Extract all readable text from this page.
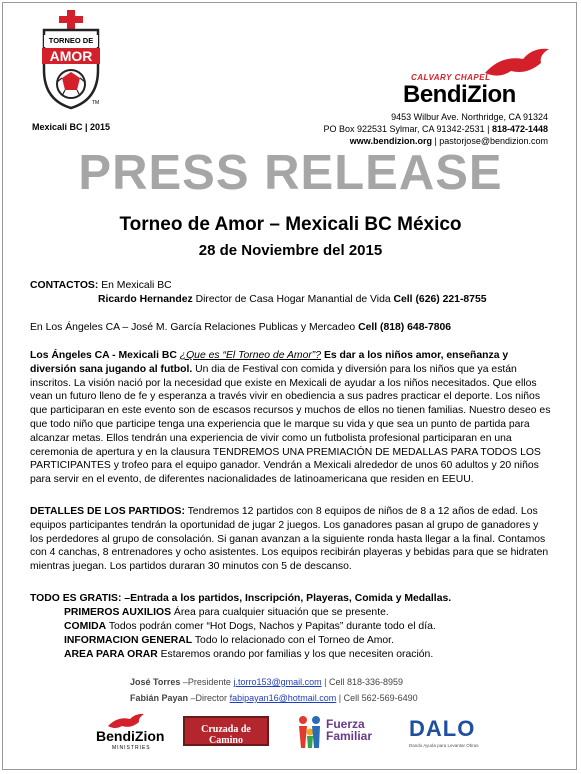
TORNEO DE
AMOR
TM
Mexicali BC | 2015
CALVARY CHAPEL
BendiZion
9453 Wilbur Ave. Northridge, CA 91324
PO Box 922531 Sylmar, CA 91342-2531 | 818-472-1448
www.bendizion.org | pastorjose@bendizion.com
PRESS RELEASE
Torneo de Amor – Mexicali BC México
28 de Noviembre del 2015
CONTACTOS: En Mexicali BC
Ricardo Hernandez Director de Casa Hogar Manantial de Vida Cell (626) 221-8755
En Los Ángeles CA – José M. García Relaciones Publicas y Mercadeo Cell (818) 648-7806
Los Ángeles CA - Mexicali BC ¿Que es “El Torneo de Amor”? Es dar a los niños amor, enseñanza y diversión sana jugando al futbol. Un dia de Festival con comida y diversión para los niños que ya están inscritos. La visión nació por la necesidad que existe en Mexicali de ayudar a los niños necesitados. Que ellos vean un futuro lleno de fe y esperanza a través vivir en obediencia a sus padres practicar el deporte. Los niños que participaran en este evento son de escasos recursos y muchos de ellos no tienen familias. Nuestro deseo es que todo niño que participe tenga una experiencia que le marque su vida y que sea un punto de partida para alcanzar metas. Ellos tendrán una experiencia de vivir como un futbolista profesional participaran en una ceremonia de apertura y en la clausura TENDREMOS UNA PREMIACIÓN DE MEDALLAS PARA TODOS LOS PARTICIPANTES y trofeo para el equipo ganador. Vendrán a Mexicali alrededor de unos 60 adultos y 20 niños para servir en el evento, de diferentes nacionalidades de latinoamericana que residen en EEUU.
DETALLES DE LOS PARTIDOS: Tendremos 12 partidos con 8 equipos de niños de 8 a 12 años de edad. Los equipos participantes tendrán la oportunidad de jugar 2 juegos. Los ganadores pasan al grupo de ganadores y los perdedores al grupo de consolación. Si ganan avanzan a la siguiente ronda hasta llegar a la final. Contamos con 4 canchas, 8 entrenadores y ocho asistentes. Los equipos recibirán playeras y bebidas para que se hidraten mientras juegan. Los partidos duraran 30 minutos con 5 de descanso.
TODO ES GRATIS: –Entrada a los partidos, Inscripción, Playeras, Comida y Medallas.
PRIMEROS AUXILIOS Área para cualquier situación que se presente.
COMIDA Todos podrán comer “Hot Dogs, Nachos y Papitas” durante todo el día.
INFORMACION GENERAL Todo lo relacionado con el Torneo de Amor.
AREA PARA ORAR Estaremos orando por familias y los que necesiten oración.
José Torres –Presidente j.torro153@gmail.com | Cell 818-336-8959
Fabián Payan –Director fabipayan16@hotmail.com | Cell 562-569-6490
BendiZion
MINISTRIES
Cruzada de Camino
Fuerza Familiar	DALO
Dando Ayuda para Levantar Obras
